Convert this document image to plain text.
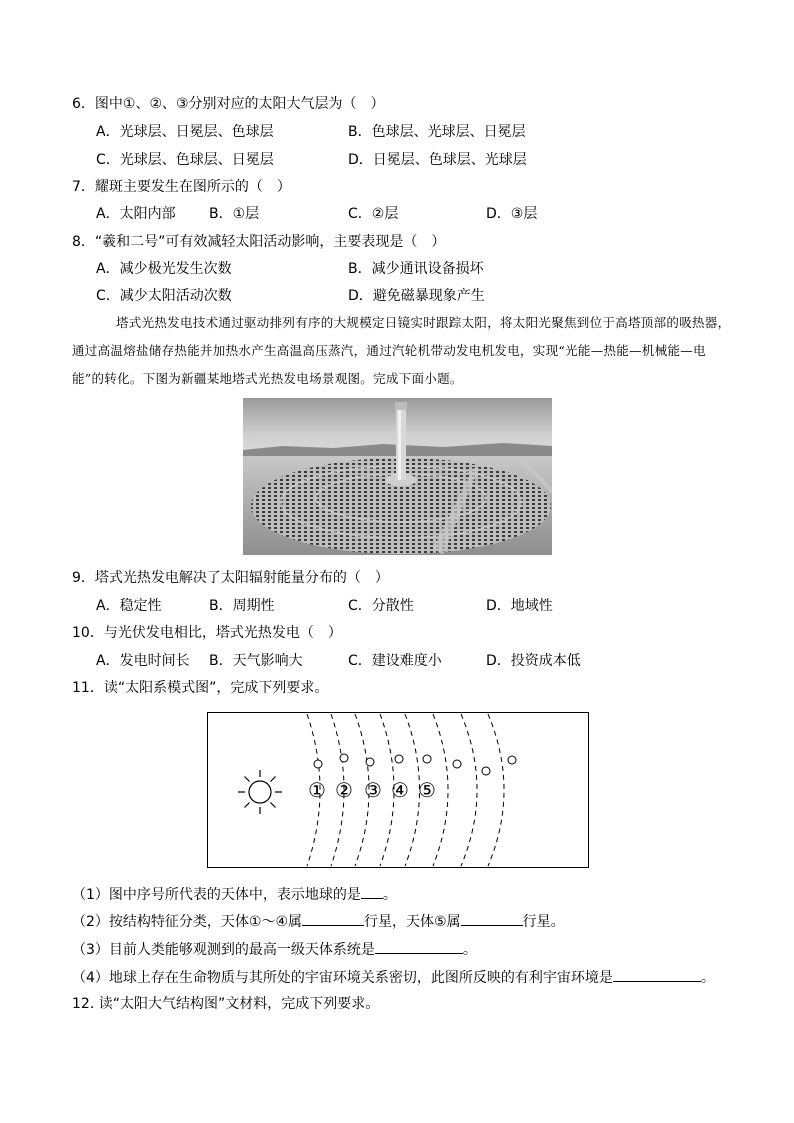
6．图中①、②、③分别对应的太阳大气层为（　）
A．光球层、日冕层、色球层	B．色球层、光球层、日冕层
C．光球层、色球层、日冕层	D．日冕层、色球层、光球层
7．耀斑主要发生在图所示的（　）
A．太阳内部 B．①层	C．②层	D．③层
8．“羲和二号”可有效减轻太阳活动影响，主要表现是（　）
A．减少极光发生次数	B．减少通讯设备损坏
C．减少太阳活动次数	D．避免磁暴现象产生
塔式光热发电技术通过驱动排列有序的大规模定日镜实时跟踪太阳，将太阳光聚焦到位于高塔顶部的吸热器，通过高温熔盐储存热能并加热水产生高温高压蒸汽，通过汽轮机带动发电机发电，实现“光能—热能—机械能—电能”的转化。下图为新疆某地塔式光热发电场景观图。完成下面小题。
9．塔式光热发电解决了太阳辐射能量分布的（　）
A．稳定性	B．周期性	C．分散性	D．地域性
10．与光伏发电相比，塔式光热发电（　）
A．发电时间长 B．天气影响大	C．建设难度小	D．投资成本低
11．读“太阳系模式图”，完成下列要求。
① ② ③ ④ ⑤
（1）图中序号所代表的天体中，表示地球的是 。
（2）按结构特征分类，天体①～④属	行星，天体⑤属	行星。
（3）目前人类能够观测到的最高一级天体系统是	。
（4）地球上存在生命物质与其所处的宇宙环境关系密切，此图所反映的有利宇宙环境是	。
12. 读“太阳大气结构图”文材料，完成下列要求。
